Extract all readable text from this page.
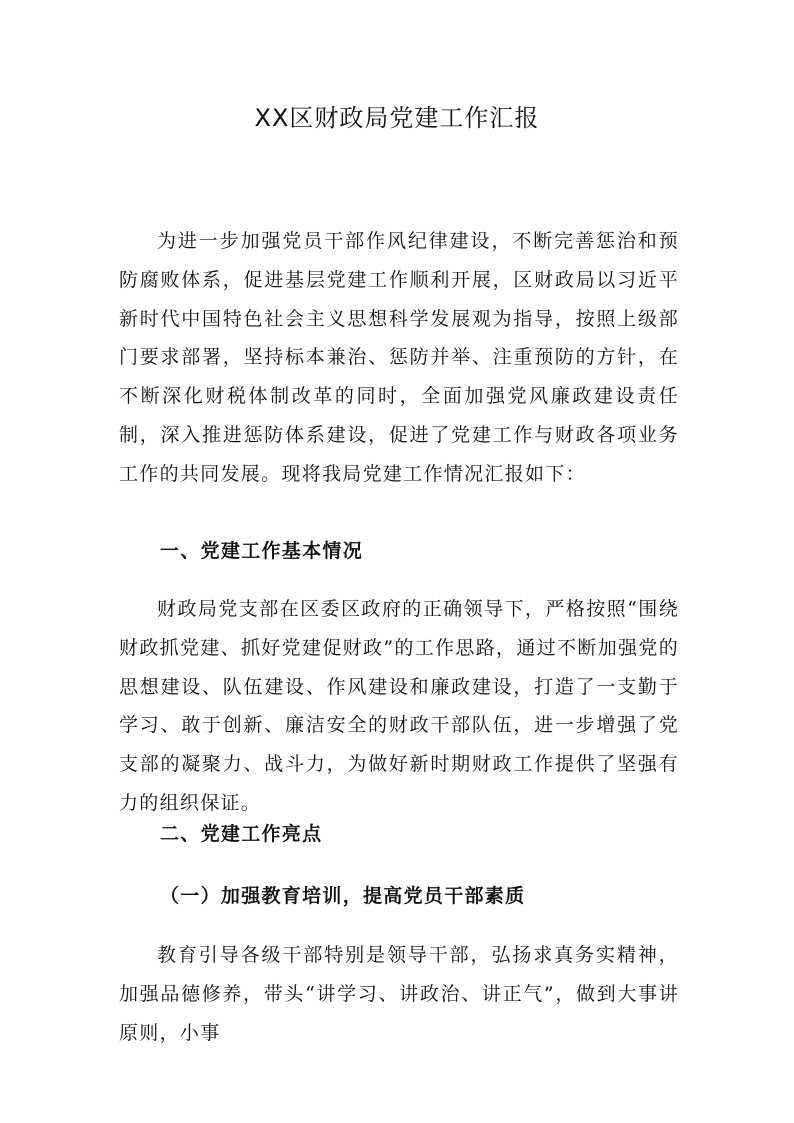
XX区财政局党建工作汇报

为进一步加强党员干部作风纪律建设，不断完善惩治和预防腐败体系，促进基层党建工作顺利开展，区财政局以习近平新时代中国特色社会主义思想科学发展观为指导，按照上级部门要求部署，坚持标本兼治、惩防并举、注重预防的方针，在不断深化财税体制改革的同时，全面加强党风廉政建设责任制，深入推进惩防体系建设，促进了党建工作与财政各项业务工作的共同发展。现将我局党建工作情况汇报如下：

一、党建工作基本情况

财政局党支部在区委区政府的正确领导下，严格按照“围绕财政抓党建、抓好党建促财政”的工作思路，通过不断加强党的思想建设、队伍建设、作风建设和廉政建设，打造了一支勤于学习、敢于创新、廉洁安全的财政干部队伍，进一步增强了党支部的凝聚力、战斗力，为做好新时期财政工作提供了坚强有力的组织保证。

二、党建工作亮点

（一）加强教育培训，提高党员干部素质

教育引导各级干部特别是领导干部，弘扬求真务实精神，加强品德修养，带头“讲学习、讲政治、讲正气”，做到大事讲原则，小事
